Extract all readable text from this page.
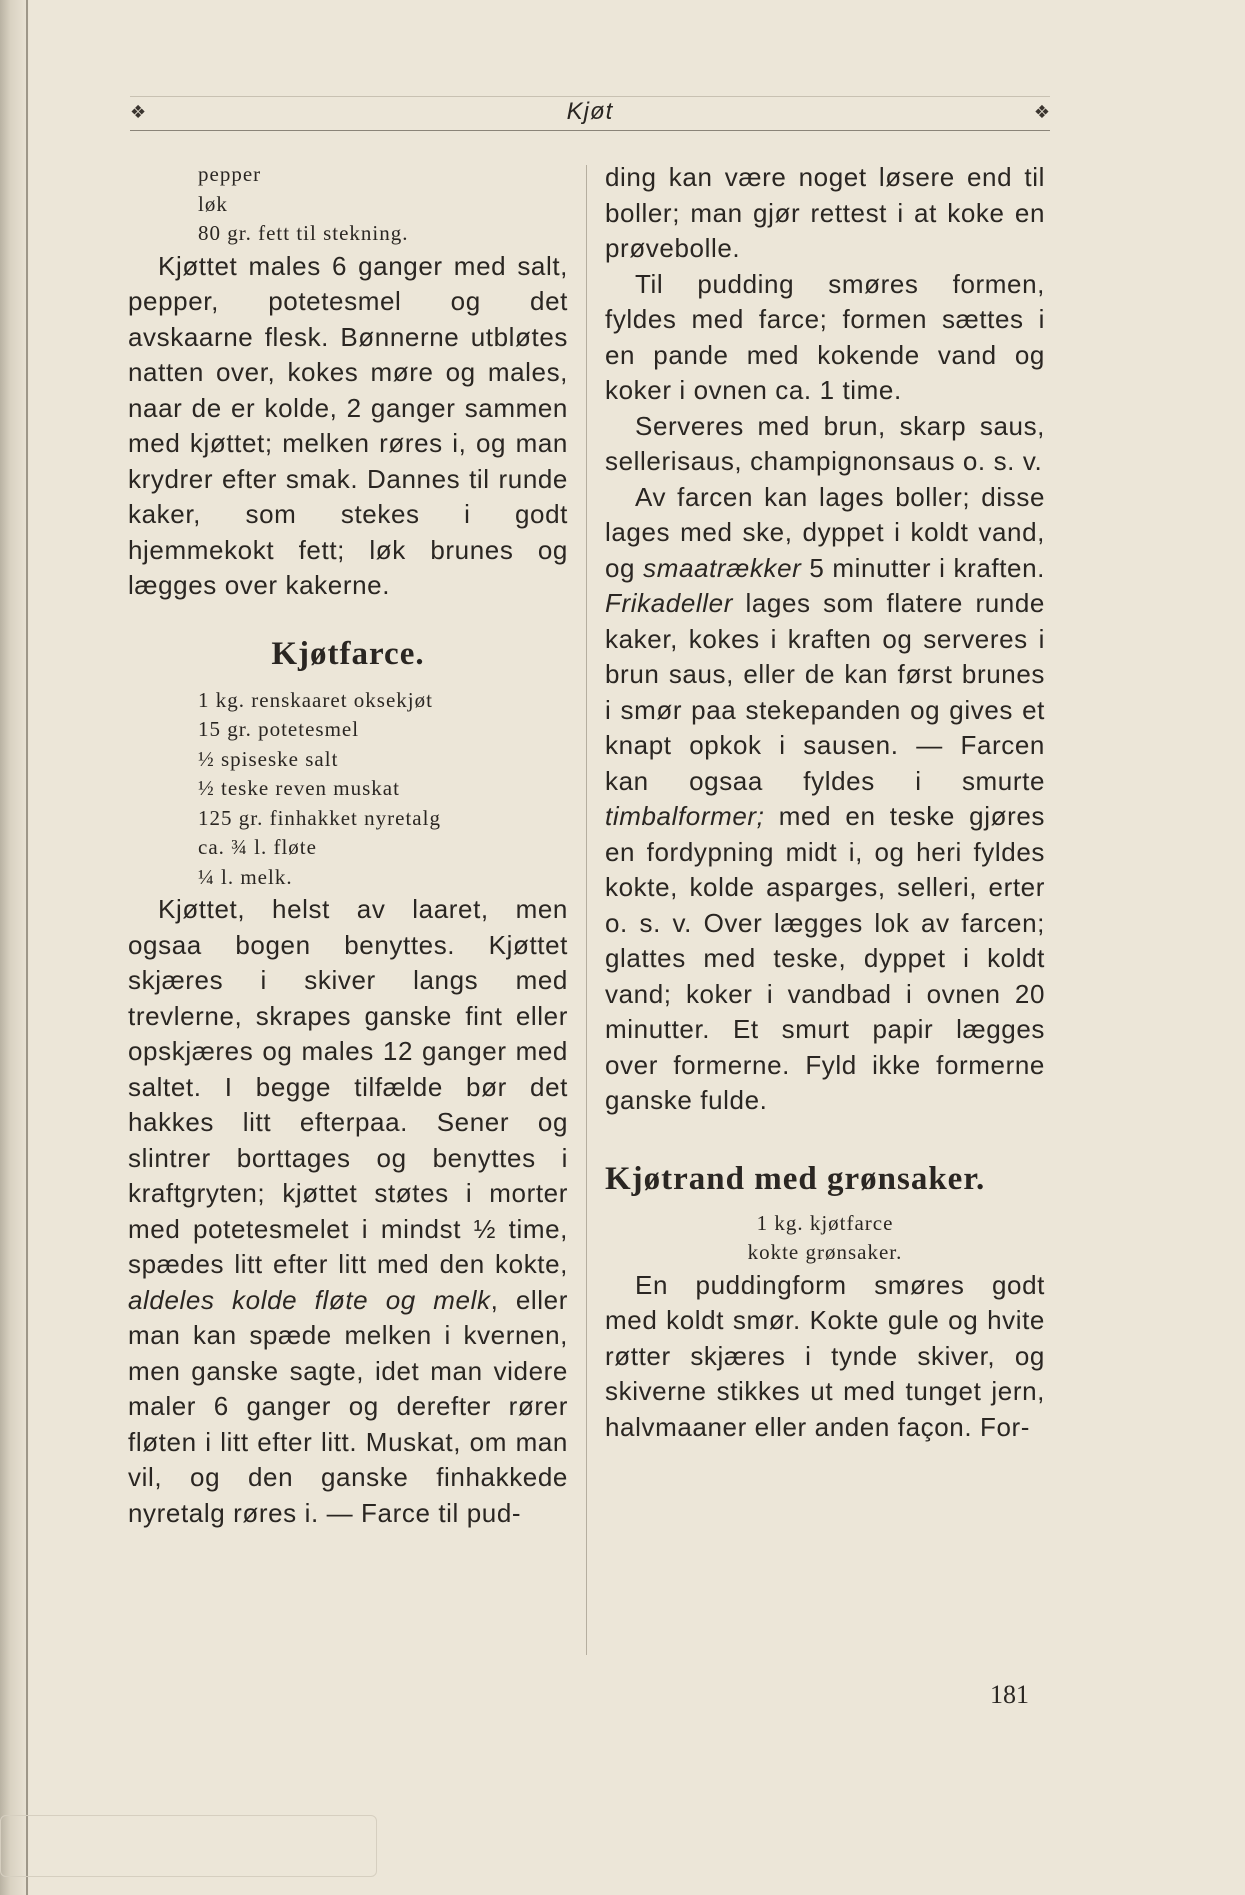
❖	Kjøt	❖
pepper
løk
80 gr. fett til stekning.

Kjøttet males 6 ganger med salt, pepper, potetesmel og det avskaarne flesk. Bønnerne utbløtes natten over, kokes møre og males, naar de er kolde, 2 ganger sammen med kjøttet; melken røres i, og man krydrer efter smak. Dannes til runde kaker, som stekes i godt hjemmekokt fett; løk brunes og lægges over kakerne.

Kjøtfarce.
1 kg. renskaaret oksekjøt
15 gr. potetesmel
½ spiseske salt
½ teske reven muskat
125 gr. finhakket nyretalg
ca. ¾ l. fløte
¼ l. melk.

Kjøttet, helst av laaret, men ogsaa bogen benyttes. Kjøttet skjæres i skiver langs med trevlerne, skrapes ganske fint eller opskjæres og males 12 ganger med saltet. I begge tilfælde bør det hakkes litt efterpaa. Sener og slintrer borttages og benyttes i kraftgryten; kjøttet støtes i morter med potetesmelet i mindst ½ time, spædes litt efter litt med den kokte, aldeles kolde fløte og melk, eller man kan spæde melken i kvernen, men ganske sagte, idet man videre maler 6 ganger og derefter rører fløten i litt efter litt. Muskat, om man vil, og den ganske finhakkede nyretalg røres i. — Farce til pud-

ding kan være noget løsere end til boller; man gjør rettest i at koke en prøvebolle.

Til pudding smøres formen, fyldes med farce; formen sættes i en pande med kokende vand og koker i ovnen ca. 1 time.

Serveres med brun, skarp saus, sellerisaus, champignonsaus o. s. v.

Av farcen kan lages boller; disse lages med ske, dyppet i koldt vand, og smaatrækker 5 minutter i kraften. Frikadeller lages som flatere runde kaker, kokes i kraften og serveres i brun saus, eller de kan først brunes i smør paa stekepanden og gives et knapt opkok i sausen. — Farcen kan ogsaa fyldes i smurte timbalformer; med en teske gjøres en fordypning midt i, og heri fyldes kokte, kolde asparges, selleri, erter o. s. v. Over lægges lok av farcen; glattes med teske, dyppet i koldt vand; koker i vandbad i ovnen 20 minutter. Et smurt papir lægges over formerne. Fyld ikke formerne ganske fulde.

Kjøtrand med grønsaker.
1 kg. kjøtfarce
kokte grønsaker.

En puddingform smøres godt med koldt smør. Kokte gule og hvite røtter skjæres i tynde skiver, og skiverne stikkes ut med tunget jern, halvmaaner eller anden façon. For-

181
